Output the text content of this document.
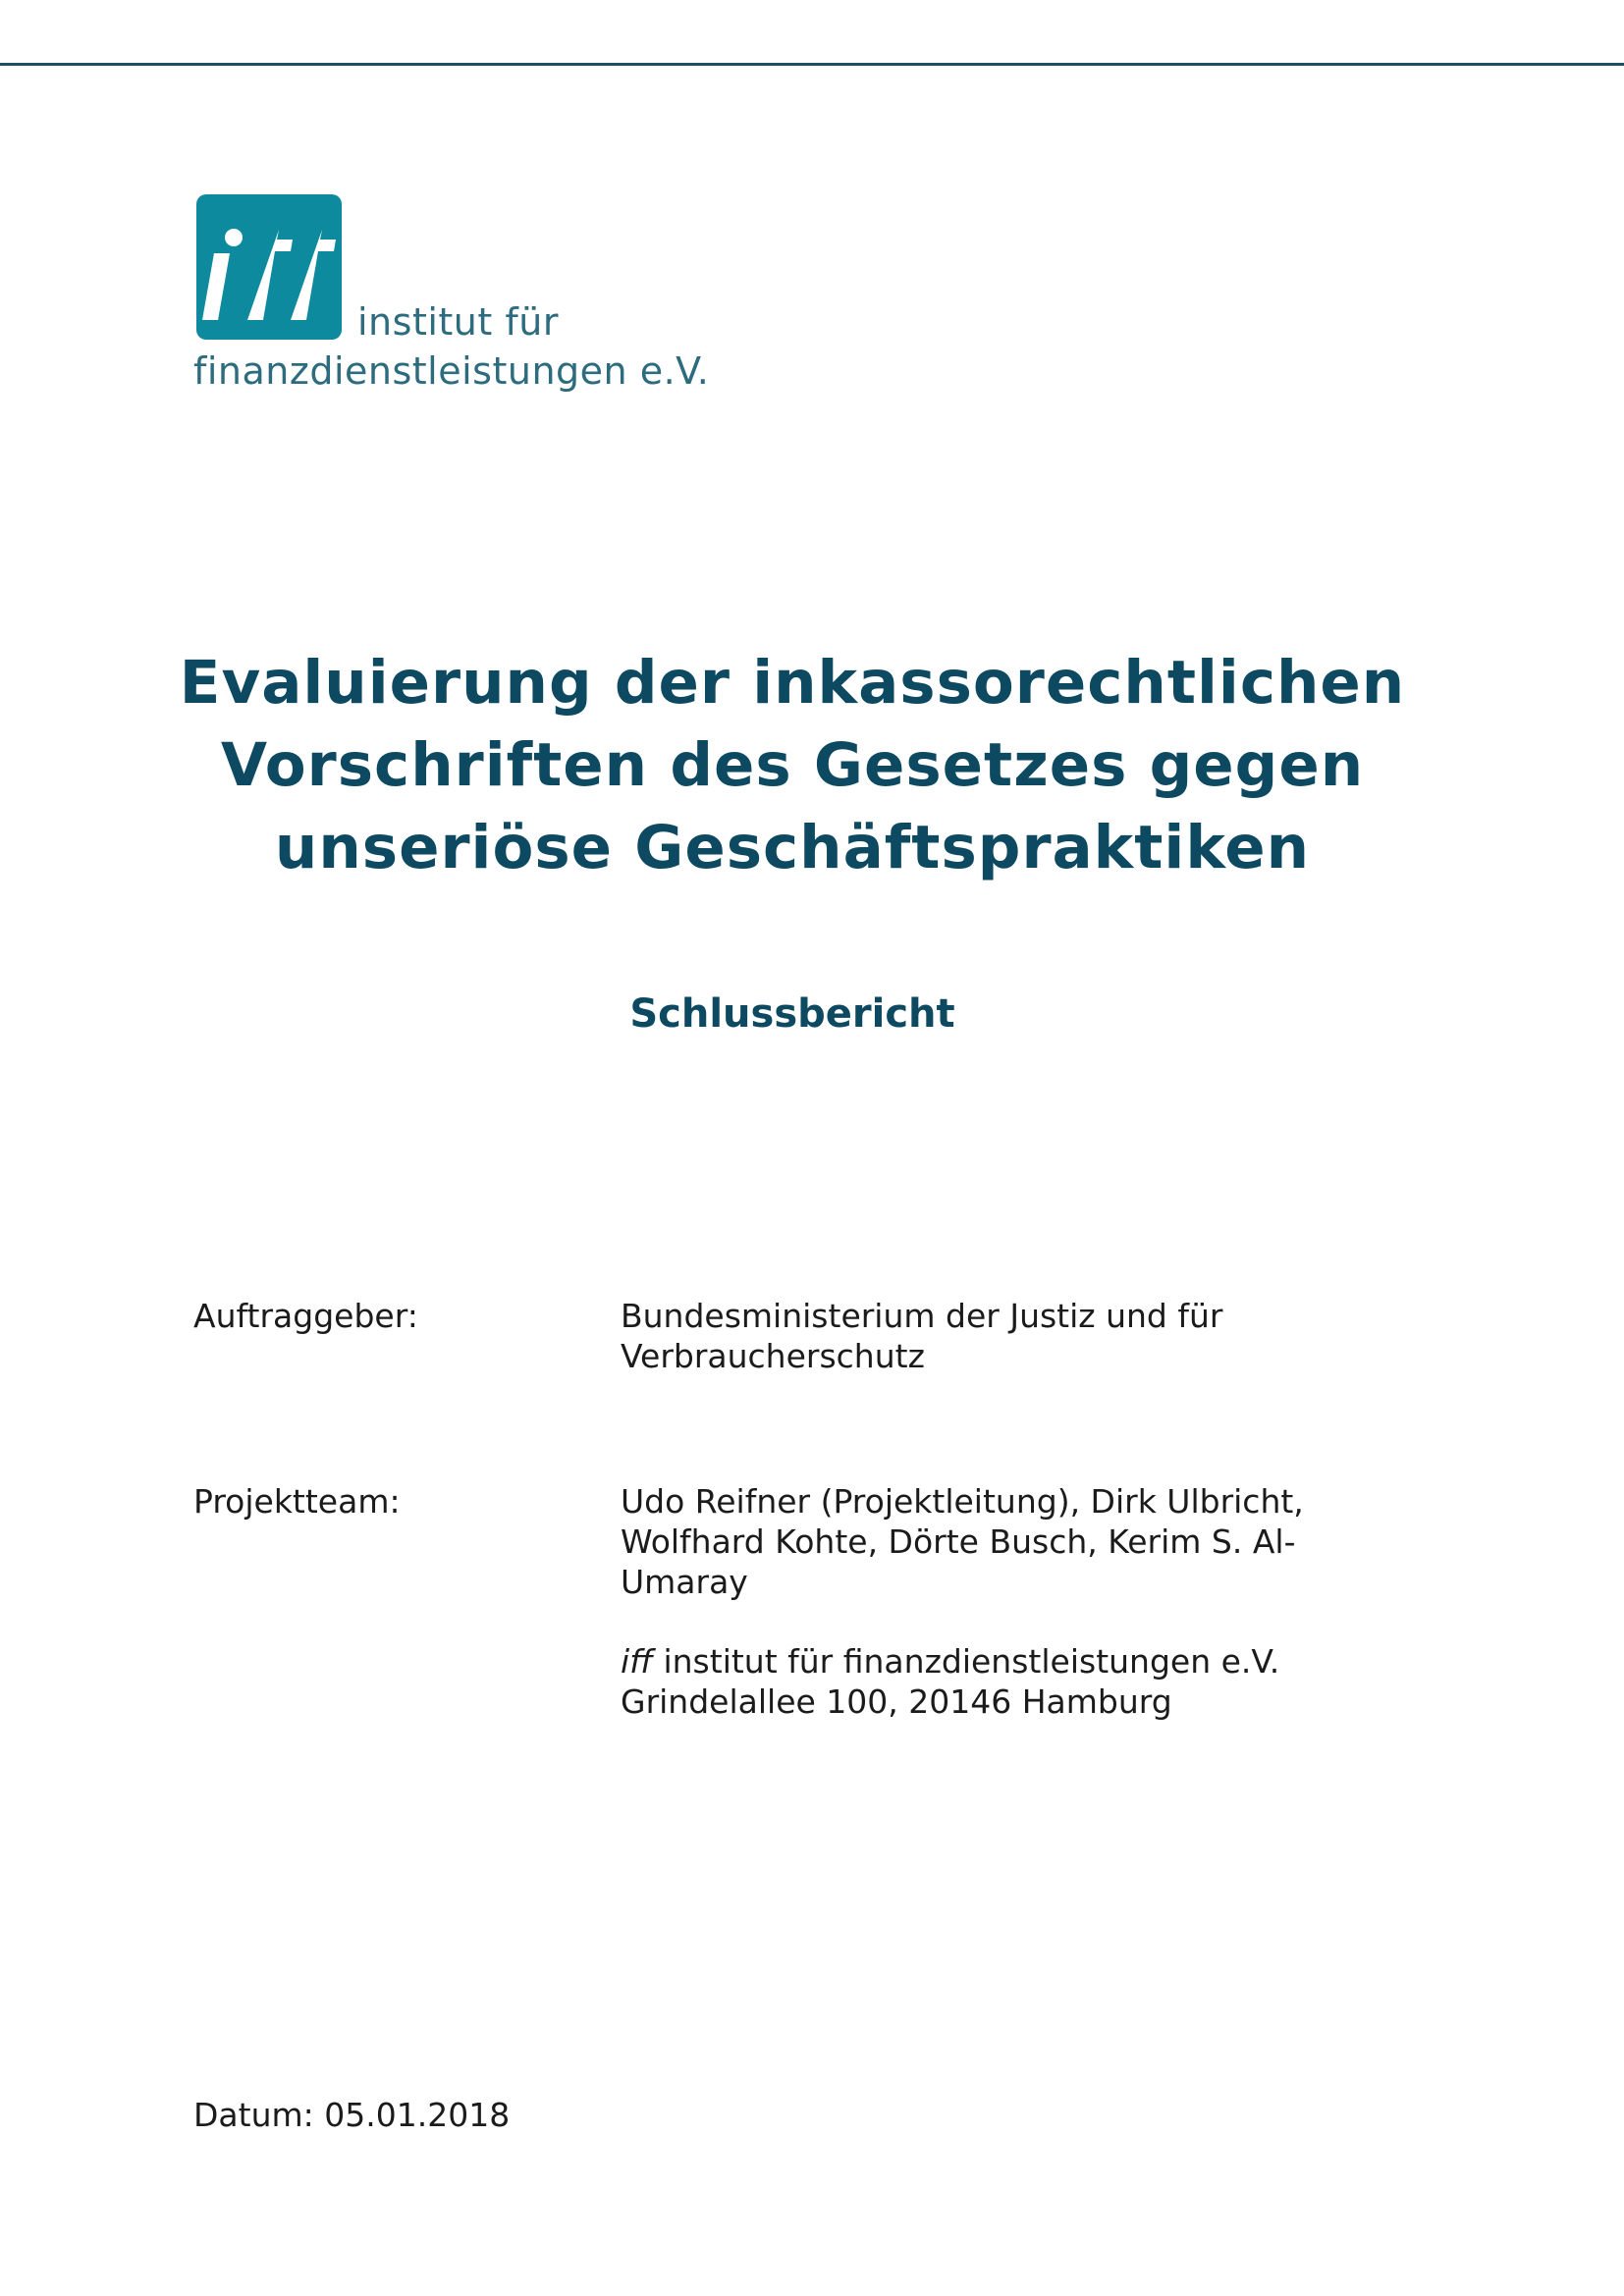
institut für
finanzdienstleistungen e.V.
Evaluierung der inkassorechtlichen
Vorschriften des Gesetzes gegen
unseriöse Geschäftspraktiken
Schlussbericht
Auftraggeber:	Bundesministerium der Justiz und für
Verbraucherschutz
Projektteam:	Udo Reifner (Projektleitung), Dirk Ulbricht,
Wolfhard Kohte, Dörte Busch, Kerim S. Al-
Umaray
iff institut für finanzdienstleistungen e.V.
Grindelallee 100, 20146 Hamburg
Datum: 05.01.2018
